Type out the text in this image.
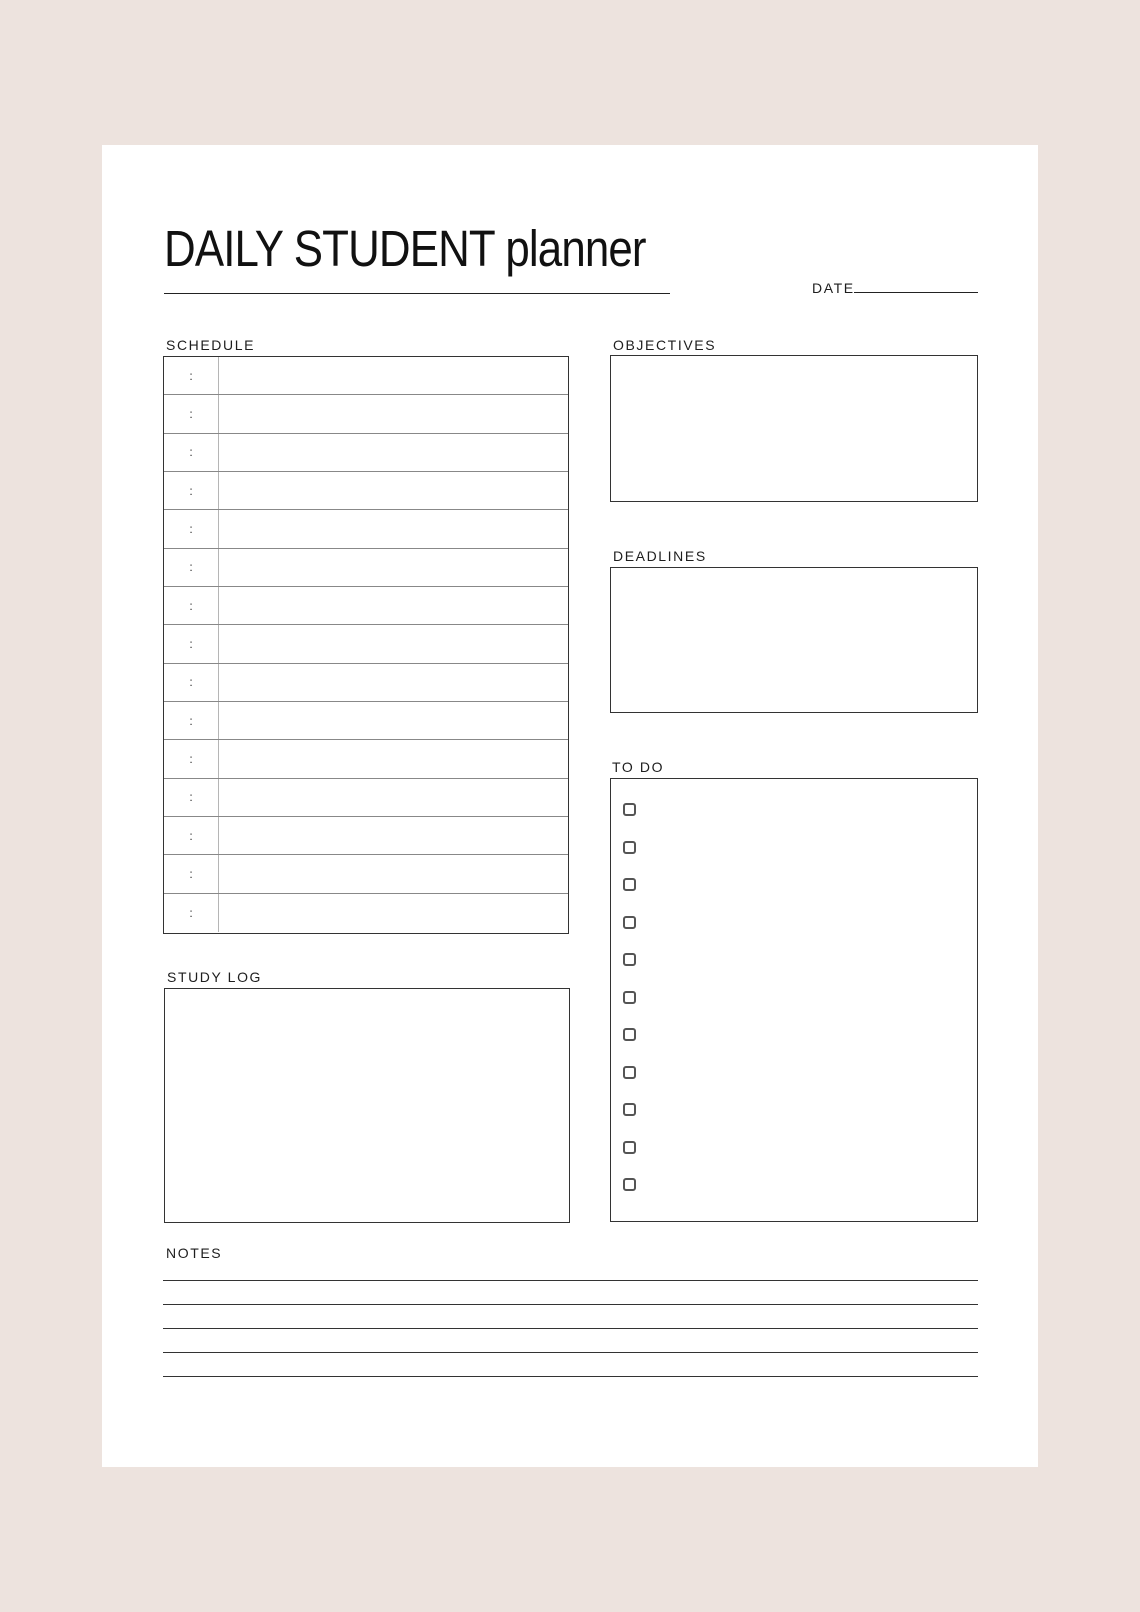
DAILY STUDENT planner
DATE
SCHEDULE
:
:
:
:
:
:
:
:
:
:
:
:
:
:
:
OBJECTIVES
DEADLINES
TO DO
STUDY LOG
NOTES
